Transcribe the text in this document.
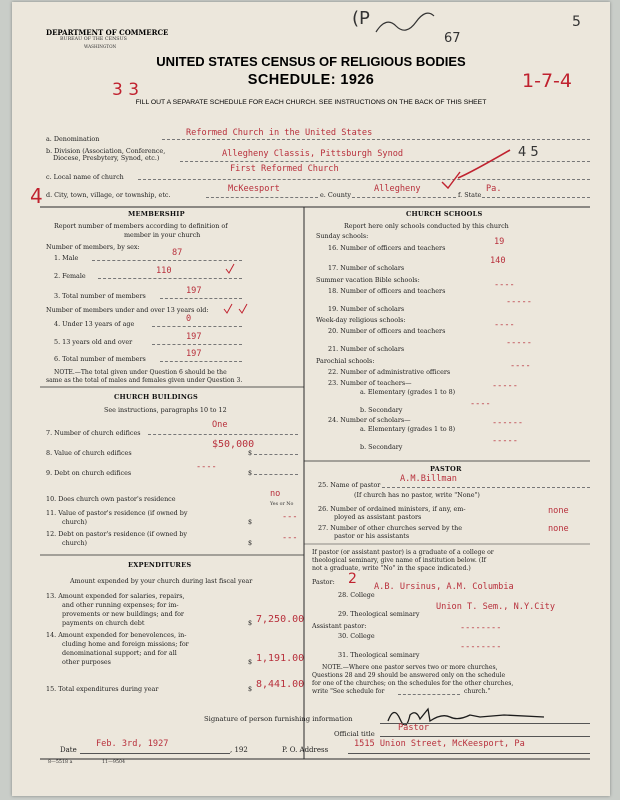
DEPARTMENT OF COMMERCE
BUREAU OF THE CENSUS
WASHINGTON
(P
67
5
UNITED STATES CENSUS OF RELIGIOUS BODIES
SCHEDULE: 1926
3 3	1-7-4
FILL OUT A SEPARATE SCHEDULE FOR EACH CHURCH. SEE INSTRUCTIONS ON THE BACK OF THIS SHEET
a. Denomination
Reformed Church in the United States
b. Division (Association, Conference,
Diocese, Presbytery, Synod, etc.)	Allegheny Classis, Pittsburgh Synod	4 5
c. Local name of church
First Reformed Church
4 d. City, town, village, or township, etc.
McKeesport
e. County
Allegheny
f. State
Pa.
MEMBERSHIP
Report number of members according to definition of
member in your church
Number of members, by sex:
1. Male	87
2. Female	110
3. Total number of members	197
Number of members under and over 13 years old:
4. Under 13 years of age	0
5. 13 years old and over	197
6. Total number of members	197
NOTE.—The total given under Question 6 should be the
same as the total of males and females given under Question 3.
CHURCH BUILDINGS
See instructions, paragraphs 10 to 12
7. Number of church edifices
One
8. Value of church edifices
$50,000
$
9. Debt on church edifices
----
$
10. Does church own pastor's residence	no
Yes or No
11. Value of pastor's residence (if owned by
church)	$	---
12. Debt on pastor's residence (if owned by
church)	$	---
EXPENDITURES
Amount expended by your church during last fiscal year
13. Amount expended for salaries, repairs,
and other running expenses; for im-
provements or new buildings; and for
payments on church debt	$ 7,250.00
14. Amount expended for benevolences, in-
cluding home and foreign missions; for
denominational support; and for all
other purposes	$ 1,191.00
15. Total expenditures during year	$ 8,441.00
CHURCH SCHOOLS
Report here only schools conducted by this church
Sunday schools:
16. Number of officers and teachers
19
17. Number of scholars
140
Summer vacation Bible schools:
18. Number of officers and teachers
----
19. Number of scholars
-----
Week-day religious schools:
20. Number of officers and teachers
----
21. Number of scholars
-----
Parochial schools:
22. Number of administrative officers
----
23. Number of teachers—
a. Elementary (grades 1 to 8)
-----
b. Secondary
----
24. Number of scholars—
a. Elementary (grades 1 to 8)
------
b. Secondary
-----
PASTOR
25. Name of pastor
A.M.Billman
(If church has no pastor, write "None")
26. Number of ordained ministers, if any, em-
ployed as assistant pastors
none
27. Number of other churches served by the
pastor or his assistants
none
If pastor (or assistant pastor) is a graduate of a college or
theological seminary, give name of institution below. (If
not a graduate, write "No" in the space indicated.)
Pastor: 2
28. College
A.B. Ursinus, A.M. Columbia
29. Theological seminary
Union T. Sem., N.Y.City
Assistant pastor:
30. College
--------
31. Theological seminary
--------
NOTE.—Where one pastor serves two or more churches,
Questions 28 and 29 should be answered only on the schedule
for one of the churches; on the schedules for the other churches,
write "See schedule for	church."
Signature of person furnishing information
Official title
Pastor
Date
Feb. 3rd, 1927
, 192	P. O. Address
1515 Union Street, McKeesport, Pa
8—5518 a	11—9504
